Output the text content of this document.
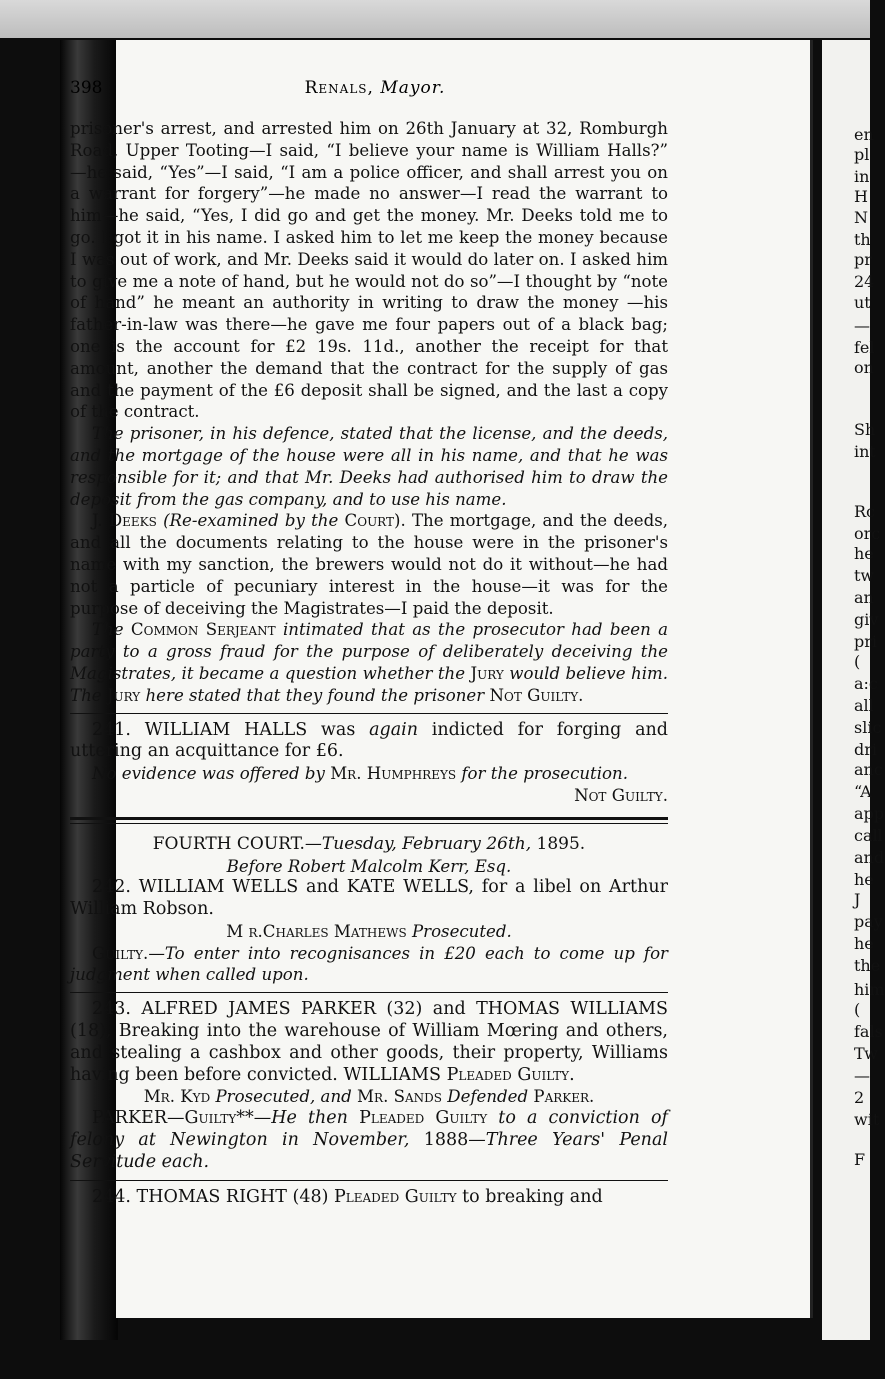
398	Renals, Mayor.

prisoner's arrest, and arrested him on 26th January at 32, Romburgh Road, Upper Tooting—I said, “I believe your name is William Halls?” —he said, “Yes”—I said, “I am a police officer, and shall arrest you on a warrant for forgery”—he made no answer—I read the warrant to him—he said, “Yes, I did go and get the money. Mr. Deeks told me to go. I got it in his name. I asked him to let me keep the money because I was out of work, and Mr. Deeks said it would do later on. I asked him to give me a note of hand, but he would not do so”—I thought by “note of hand” he meant an authority in writing to draw the money —his father-in-law was there—he gave me four papers out of a black bag; one is the account for £2 19s. 11d., another the receipt for that amount, another the demand that the contract for the supply of gas and the payment of the £6 deposit shall be signed, and the last a copy of the contract.

The prisoner, in his defence, stated that the license, and the deeds, and the mortgage of the house were all in his name, and that he was responsible for it; and that Mr. Deeks had authorised him to draw the deposit from the gas company, and to use his name.

J. Deeks (Re-examined by the Court). The mortgage, and the deeds, and all the documents relating to the house were in the prisoner's name with my sanction, the brewers would not do it without—he had not a particle of pecuniary interest in the house—it was for the purpose of deceiving the Magistrates—I paid the deposit.

The Common Serjeant intimated that as the prosecutor had been a party to a gross fraud for the purpose of deliberately deceiving the Magistrates, it became a question whether the Jury would believe him. The Jury here stated that they found the prisoner Not Guilty.

241. WILLIAM HALLS was again indicted for forging and uttering an acquittance for £6.

No evidence was offered by Mr. Humphreys for the prosecution.

Not Guilty.

FOURTH COURT.—Tuesday, February 26th, 1895.

Before Robert Malcolm Kerr, Esq.

242. WILLIAM WELLS and KATE WELLS, for a libel on Arthur William Robson.

M r.Charles Mathews Prosecuted.

Guilty.—To enter into recognisances in £20 each to come up for judgment when called upon.

243. ALFRED JAMES PARKER (32) and THOMAS WILLIAMS (18), Breaking into the warehouse of William Mœring and others, and stealing a cashbox and other goods, their property, Williams having been before convicted. WILLIAMS Pleaded Guilty.

Mr. Kyd Prosecuted, and Mr. Sands Defended Parker.

PARKER—Guilty**—He then Pleaded Guilty to a conviction of felony at Newington in November, 1888—Three Years' Penal Servitude each.

244. THOMAS RIGHT (48) Pleaded Guilty to breaking and

en
pl
in
H
N
th
pr
24
ut
—
fel
on
Sh
int
Rc
orc
he
tw
an
giv
pri
(
a:c
all
slic
dri
anc
“A
app
call
and
he
J
pay
he
the
him
(
fals
Tw
—
2
wit
F
